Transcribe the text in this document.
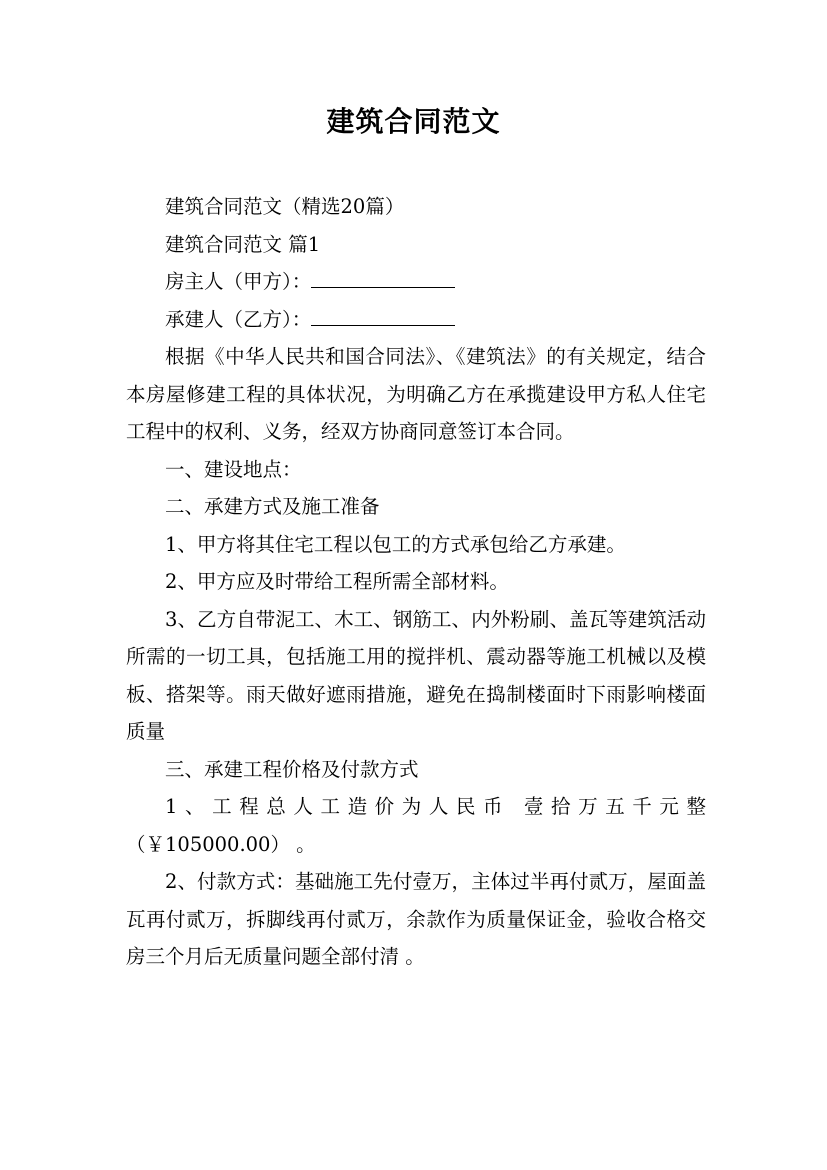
建筑合同范文

建筑合同范文（精选20篇）

建筑合同范文 篇1

房主人（甲方）：

承建人（乙方）：

根据《中华人民共和国合同法》、《建筑法》的有关规定，结合本房屋修建工程的具体状况，为明确乙方在承揽建设甲方私人住宅工程中的权利、义务，经双方协商同意签订本合同。

一、建设地点：

二、承建方式及施工准备

1、甲方将其住宅工程以包工的方式承包给乙方承建。

2、甲方应及时带给工程所需全部材料。

3、乙方自带泥工、木工、钢筋工、内外粉刷、盖瓦等建筑活动所需的一切工具，包括施工用的搅拌机、震动器等施工机械以及模板、搭架等。雨天做好遮雨措施，避免在捣制楼面时下雨影响楼面质量

三、承建工程价格及付款方式

1、工程总人工造价为人民币 壹拾万五千元整（￥105000.00） 。

2、付款方式：基础施工先付壹万，主体过半再付贰万，屋面盖瓦再付贰万，拆脚线再付贰万，余款作为质量保证金，验收合格交房三个月后无质量问题全部付清 。
